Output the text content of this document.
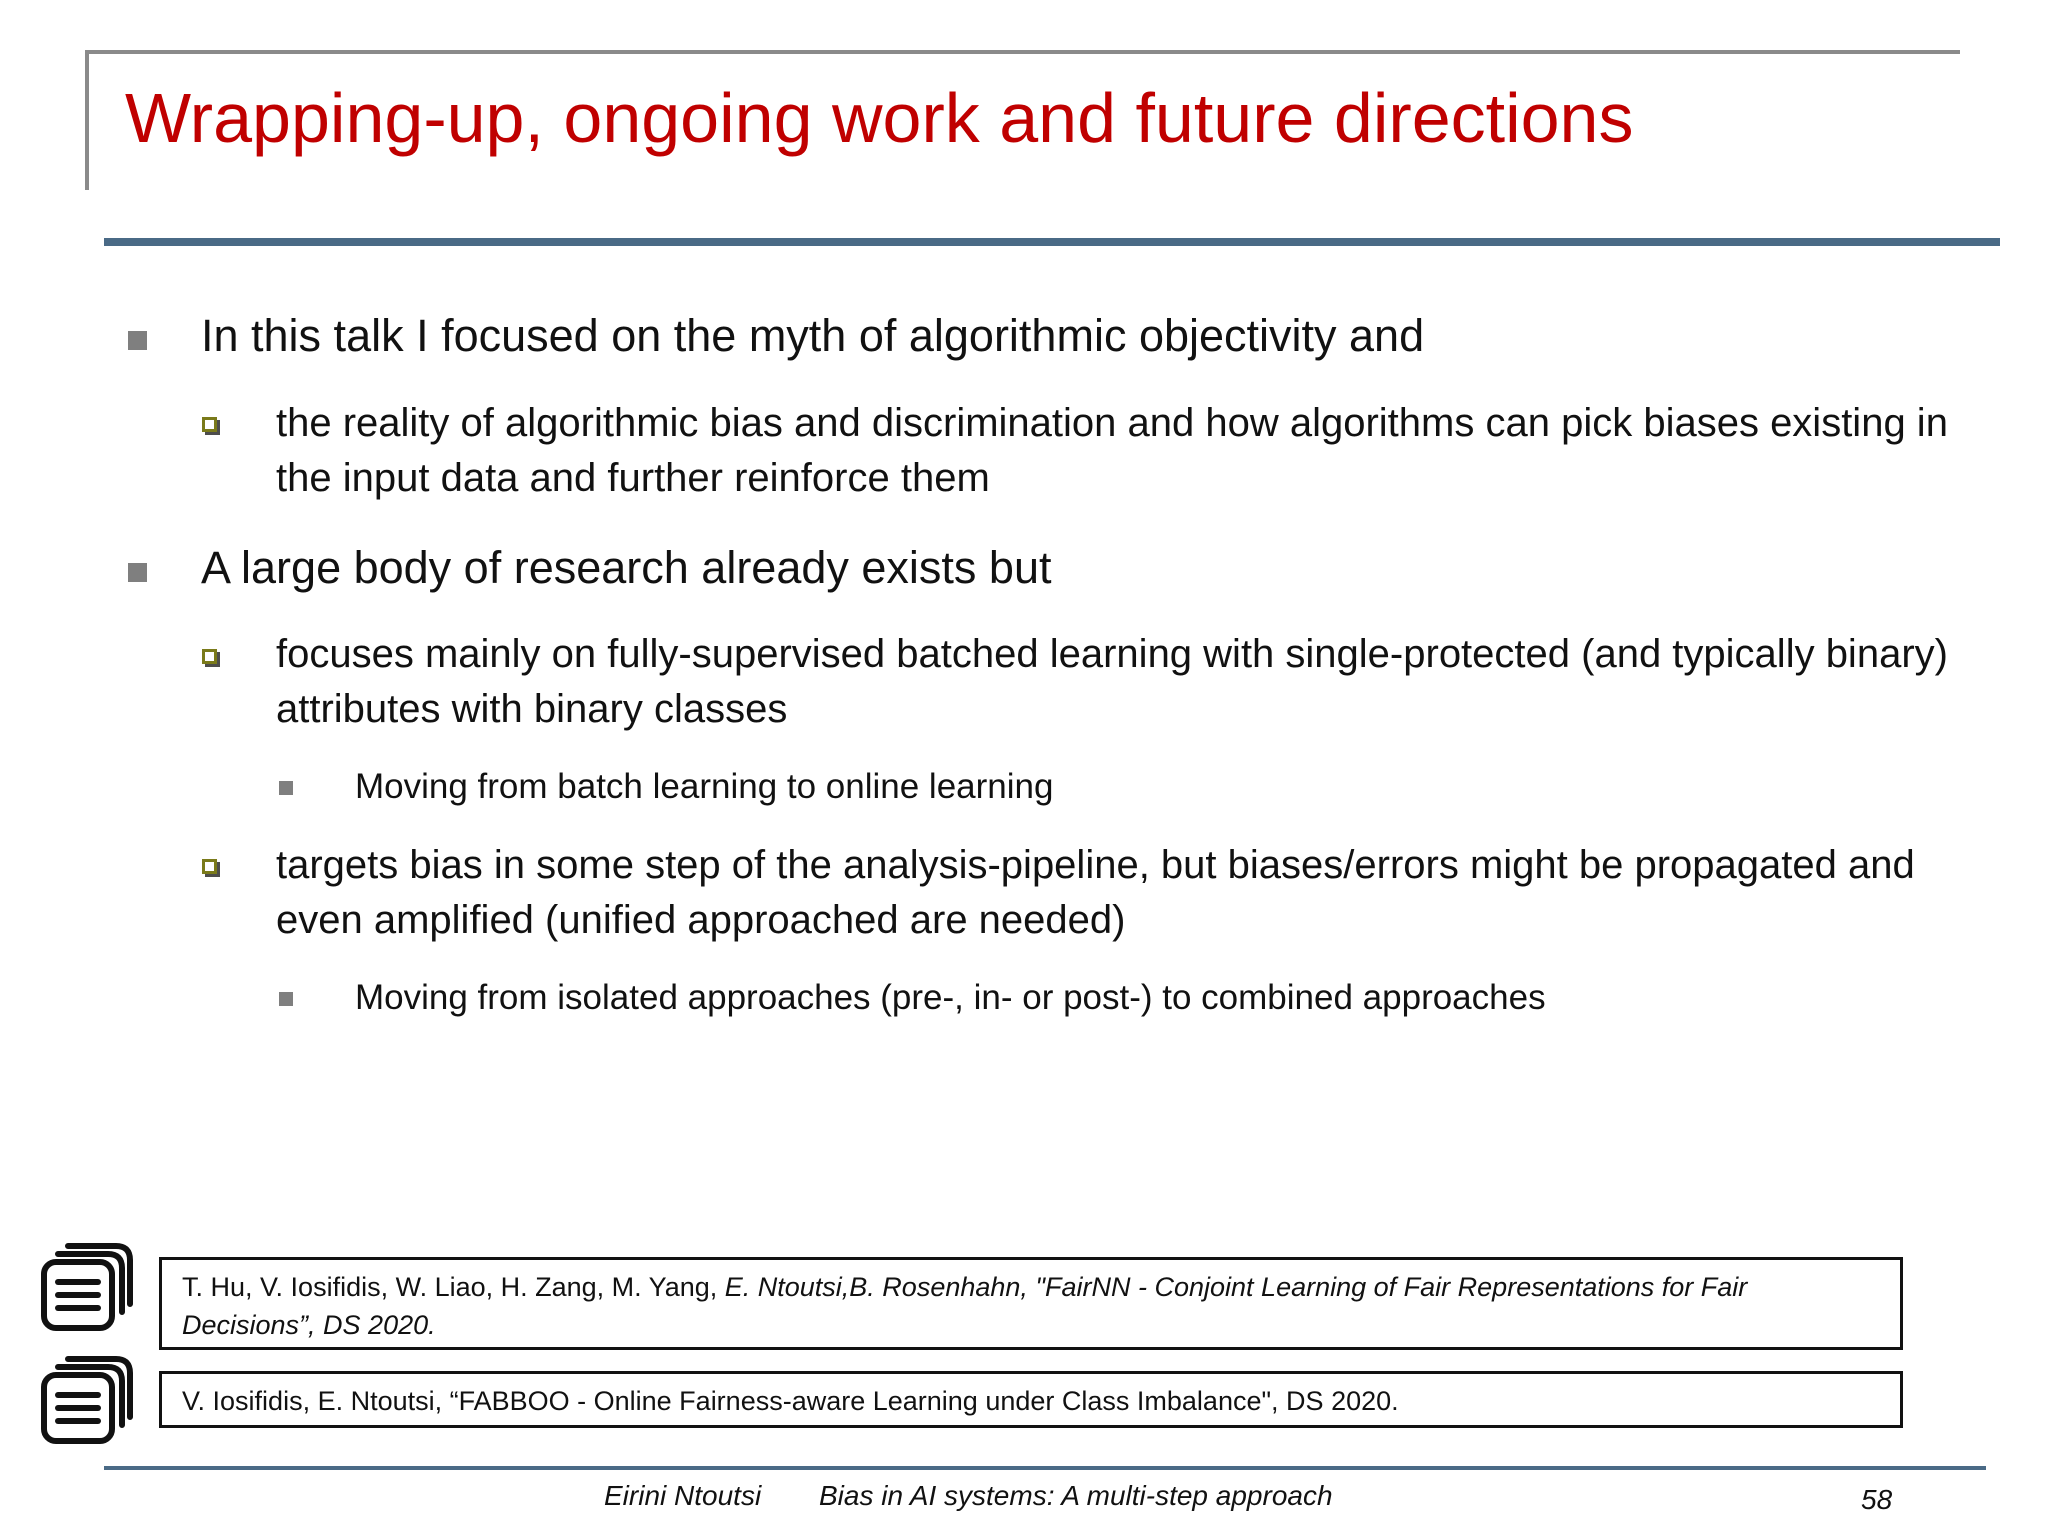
Wrapping-up, ongoing work and future directions
In this talk I focused on the myth of algorithmic objectivity and
the reality of algorithmic bias and discrimination and how algorithms can pick biases existing in the input data and further reinforce them
A large body of research already exists but
focuses mainly on fully-supervised batched learning with single-protected (and typically binary) attributes with binary classes
Moving from batch learning to online learning
targets bias in some step of the analysis-pipeline, but biases/errors might be propagated and even amplified (unified approached are needed)
Moving from isolated approaches (pre-, in- or post-) to combined approaches
T. Hu, V. Iosifidis, W. Liao, H. Zang, M. Yang, E. Ntoutsi,B. Rosenhahn, "FairNN - Conjoint Learning of Fair Representations for Fair Decisions”, DS 2020.
V. Iosifidis, E. Ntoutsi, “FABBOO - Online Fairness-aware Learning under Class Imbalance", DS 2020.
Eirini Ntoutsi Bias in AI systems: A multi-step approach	58
